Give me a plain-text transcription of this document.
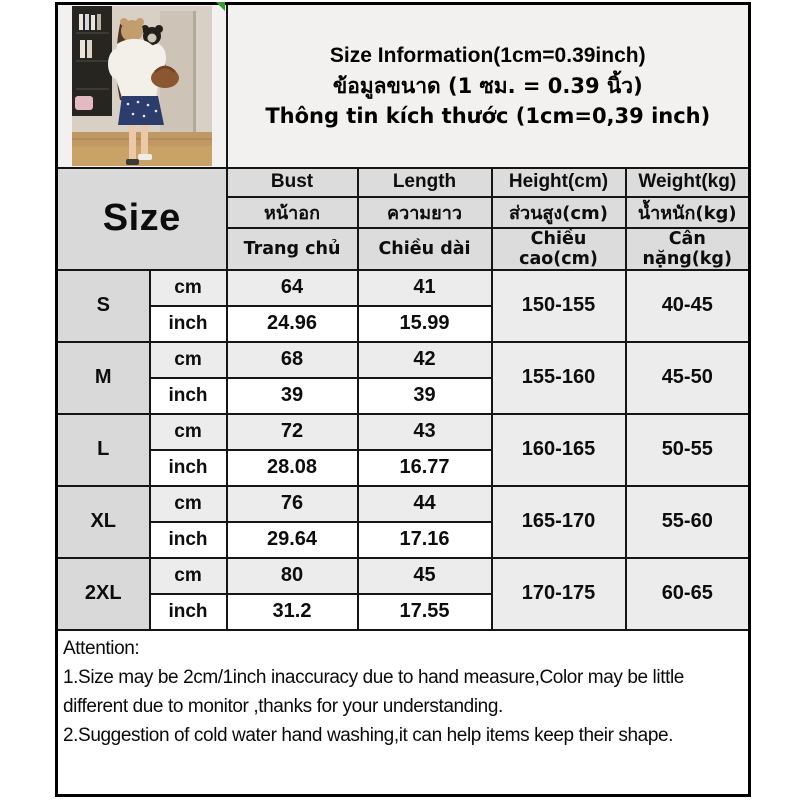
Size Information(1cm=0.39inch)
ข้อมูลขนาด (1 ซม. = 0.39 นิ้ว)
Thông tin kích thước (1cm=0,39 inch)			

Size		Bust	Length	Height(cm)	Weight(kg)
		หน้าอก	ความยาว	ส่วนสูง(cm)	น้ำหนัก(kg)
		Trang chủ	Chiều dài	Chiều cao(cm)	Cân nặng(kg)
S	cm	64	41	150-155	40-45
	inch	24.96	15.99		
M	cm	68	42	155-160	45-50
	inch	39	39		
L	cm	72	43	160-165	50-55
	inch	28.08	16.77		
XL	cm	76	44	165-170	55-60
	inch	29.64	17.16		
2XL	cm	80	45	170-175	60-65
	inch	31.2	17.55		

Attention:
1.Size may be 2cm/1inch inaccuracy due to hand measure,Color may be little different due to monitor ,thanks for your understanding.
2.Suggestion of cold water hand washing,it can help items keep their shape.					
